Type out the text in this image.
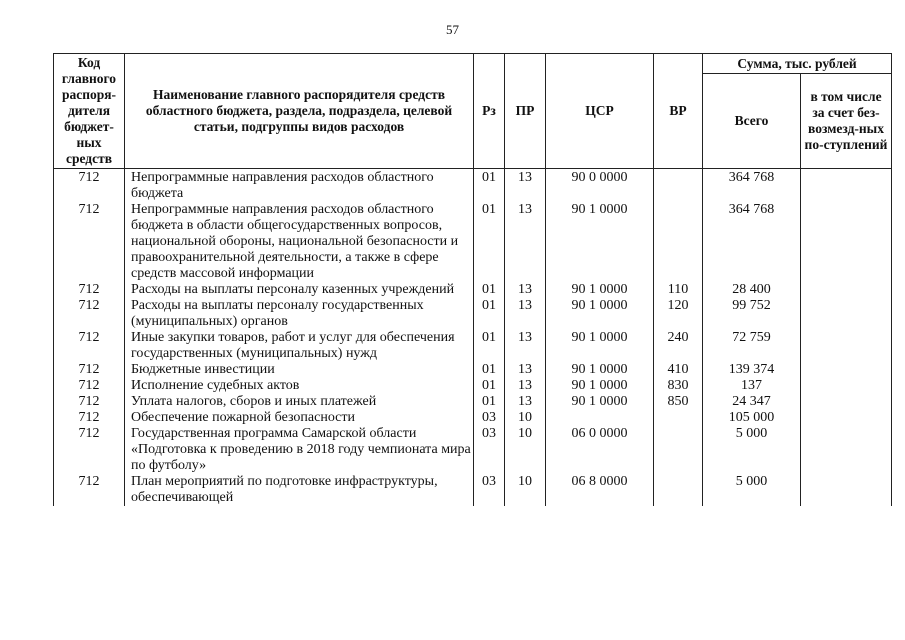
57
Код главного распоря-дителя бюджет-ных средств	Наименование главного распорядителя средств областного бюджета, раздела, подраздела, целевой статьи, подгруппы видов расходов	Рз	ПР	ЦСР	ВР	Сумма, тыс. рублей	
						Всего	в том числе за счет без-возмезд-ных по-ступлений
712	Непрограммные направления расходов областного бюджета	01	13	90 0 0000		364 768	
712	Непрограммные направления расходов областного бюджета в области общегосударственных вопросов, национальной обороны, национальной безопасности и правоохранительной деятельности, а также в сфере средств массовой информации	01	13	90 1 0000		364 768	
712	Расходы на выплаты персоналу казенных учреждений	01	13	90 1 0000	110	28 400	
712	Расходы на выплаты персоналу государственных (муниципальных) органов	01	13	90 1 0000	120	99 752	
712	Иные закупки товаров, работ и услуг для обеспечения государственных (муниципальных) нужд	01	13	90 1 0000	240	72 759	
712	Бюджетные инвестиции	01	13	90 1 0000	410	139 374	
712	Исполнение судебных актов	01	13	90 1 0000	830	137	
712	Уплата налогов, сборов и иных платежей	01	13	90 1 0000	850	24 347	
712	Обеспечение пожарной безопасности	03	10			105 000	
712	Государственная программа Самарской области «Подготовка к проведению в 2018 году чемпионата мира по футболу»	03	10	06 0 0000		5 000	
712	План мероприятий по подготовке инфраструктуры, обеспечивающей	03	10	06 8 0000		5 000	
